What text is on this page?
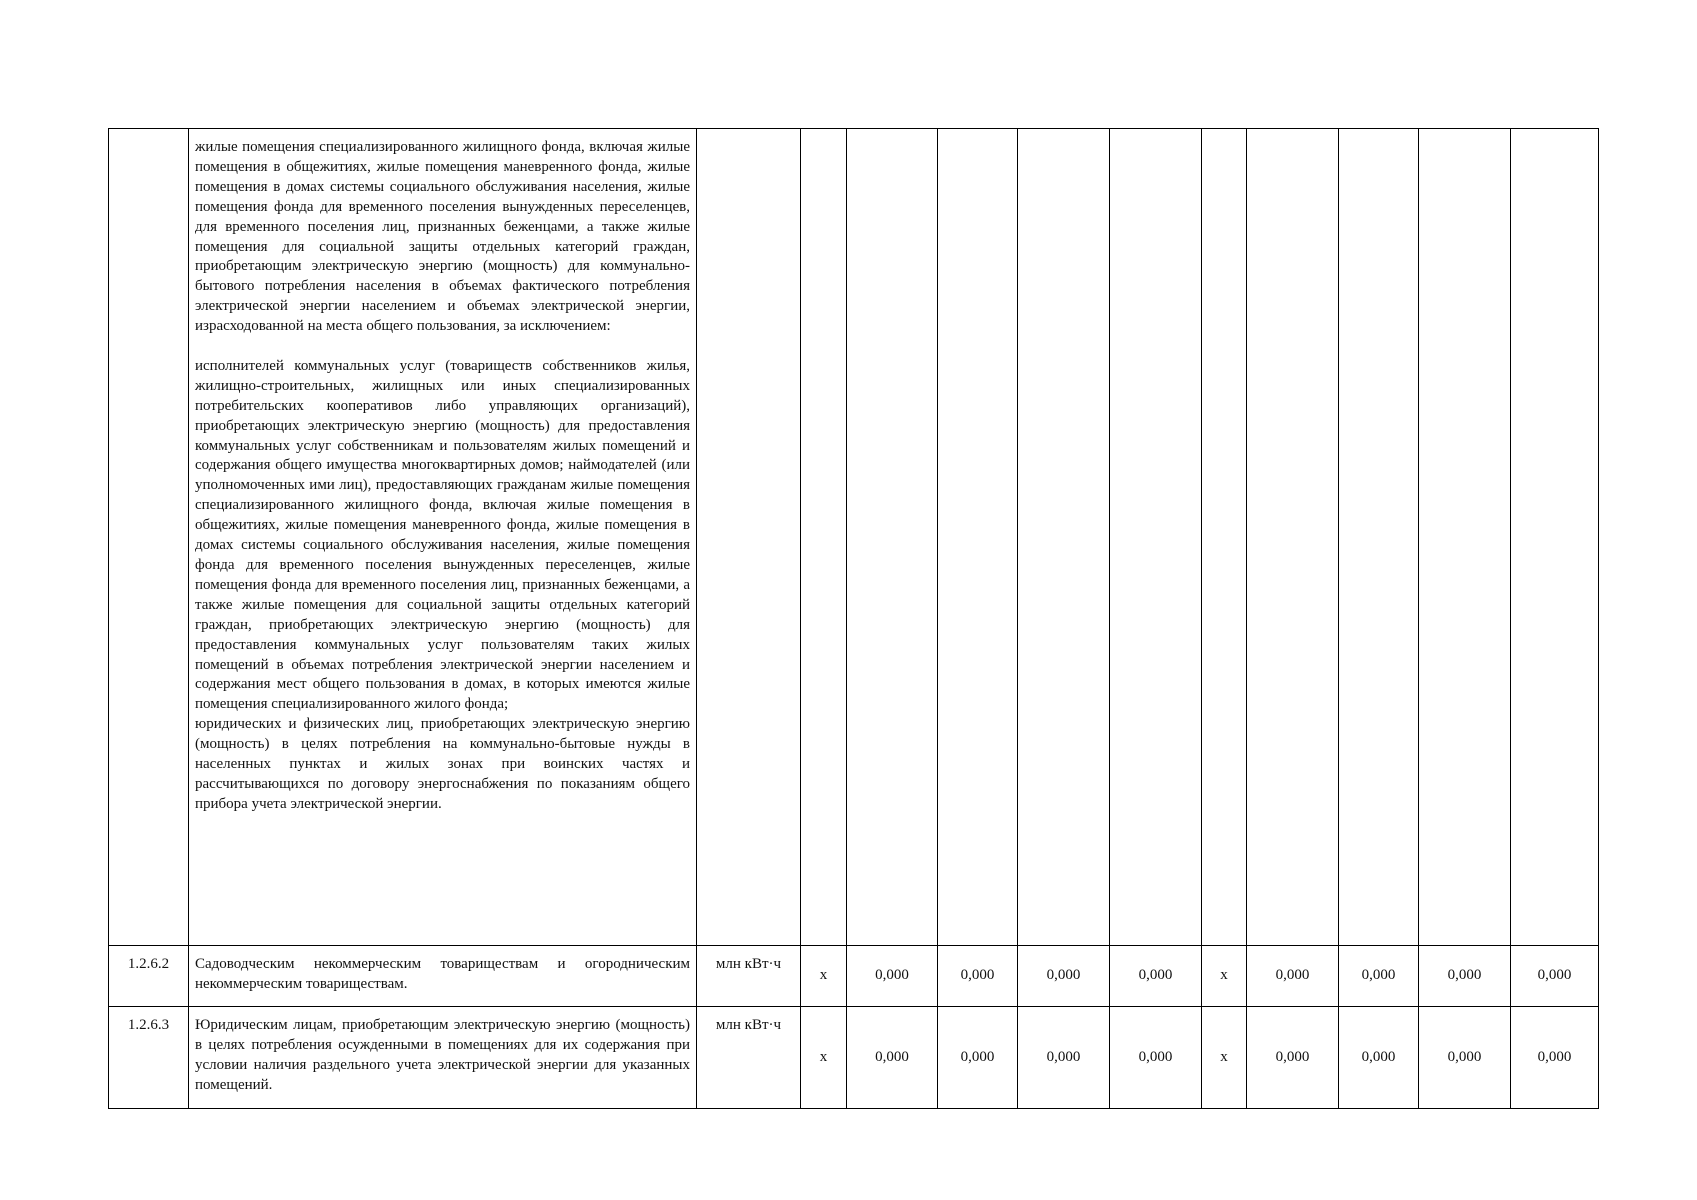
	жилые помещения специализированного жилищного фонда, включая жилые помещения в общежитиях, жилые помещения маневренного фонда, жилые помещения в домах системы социального обслуживания населения, жилые помещения фонда для временного поселения вынужденных переселенцев, для временного поселения лиц, признанных беженцами, а также жилые помещения для социальной защиты отдельных категорий граждан, приобретающим электрическую энергию (мощность) для коммунально-бытового потребления населения в объемах фактического потребления электрической энергии населением и объемах электрической энергии, израсходованной на места общего пользования, за исключением:

исполнителей коммунальных услуг (товариществ собственников жилья, жилищно-строительных, жилищных или иных специализированных потребительских кооперативов либо управляющих организаций), приобретающих электрическую энергию (мощность) для предоставления коммунальных услуг собственникам и пользователям жилых помещений и содержания общего имущества многоквартирных домов; наймодателей (или уполномоченных ими лиц), предоставляющих гражданам жилые помещения специализированного жилищного фонда, включая жилые помещения в общежитиях, жилые помещения маневренного фонда, жилые помещения в домах системы социального обслуживания населения, жилые помещения фонда для временного поселения вынужденных переселенцев, жилые помещения фонда для временного поселения лиц, признанных беженцами, а также жилые помещения для социальной защиты отдельных категорий граждан, приобретающих электрическую энергию (мощность) для предоставления коммунальных услуг пользователям таких жилых помещений в объемах потребления электрической энергии населением и содержания мест общего пользования в домах, в которых имеются жилые помещения специализированного жилого фонда;

юридических и физических лиц, приобретающих электрическую энергию (мощность) в целях потребления на коммунально-бытовые нужды в населенных пунктах и жилых зонах при воинских частях и рассчитывающихся по договору энергоснабжения по показаниям общего прибора учета электрической энергии.											

1.2.6.2	Садоводческим некоммерческим товариществам и огородническим некоммерческим товариществам.	млн кВт·ч	x	0,000	0,000	0,000	0,000	x	0,000	0,000	0,000	0,000
1.2.6.3	Юридическим лицам, приобретающим электрическую энергию (мощность) в целях потребления осужденными в помещениях для их содержания при условии наличия раздельного учета электрической энергии для указанных помещений.	млн кВт·ч	x	0,000	0,000	0,000	0,000	x	0,000	0,000	0,000	0,000
